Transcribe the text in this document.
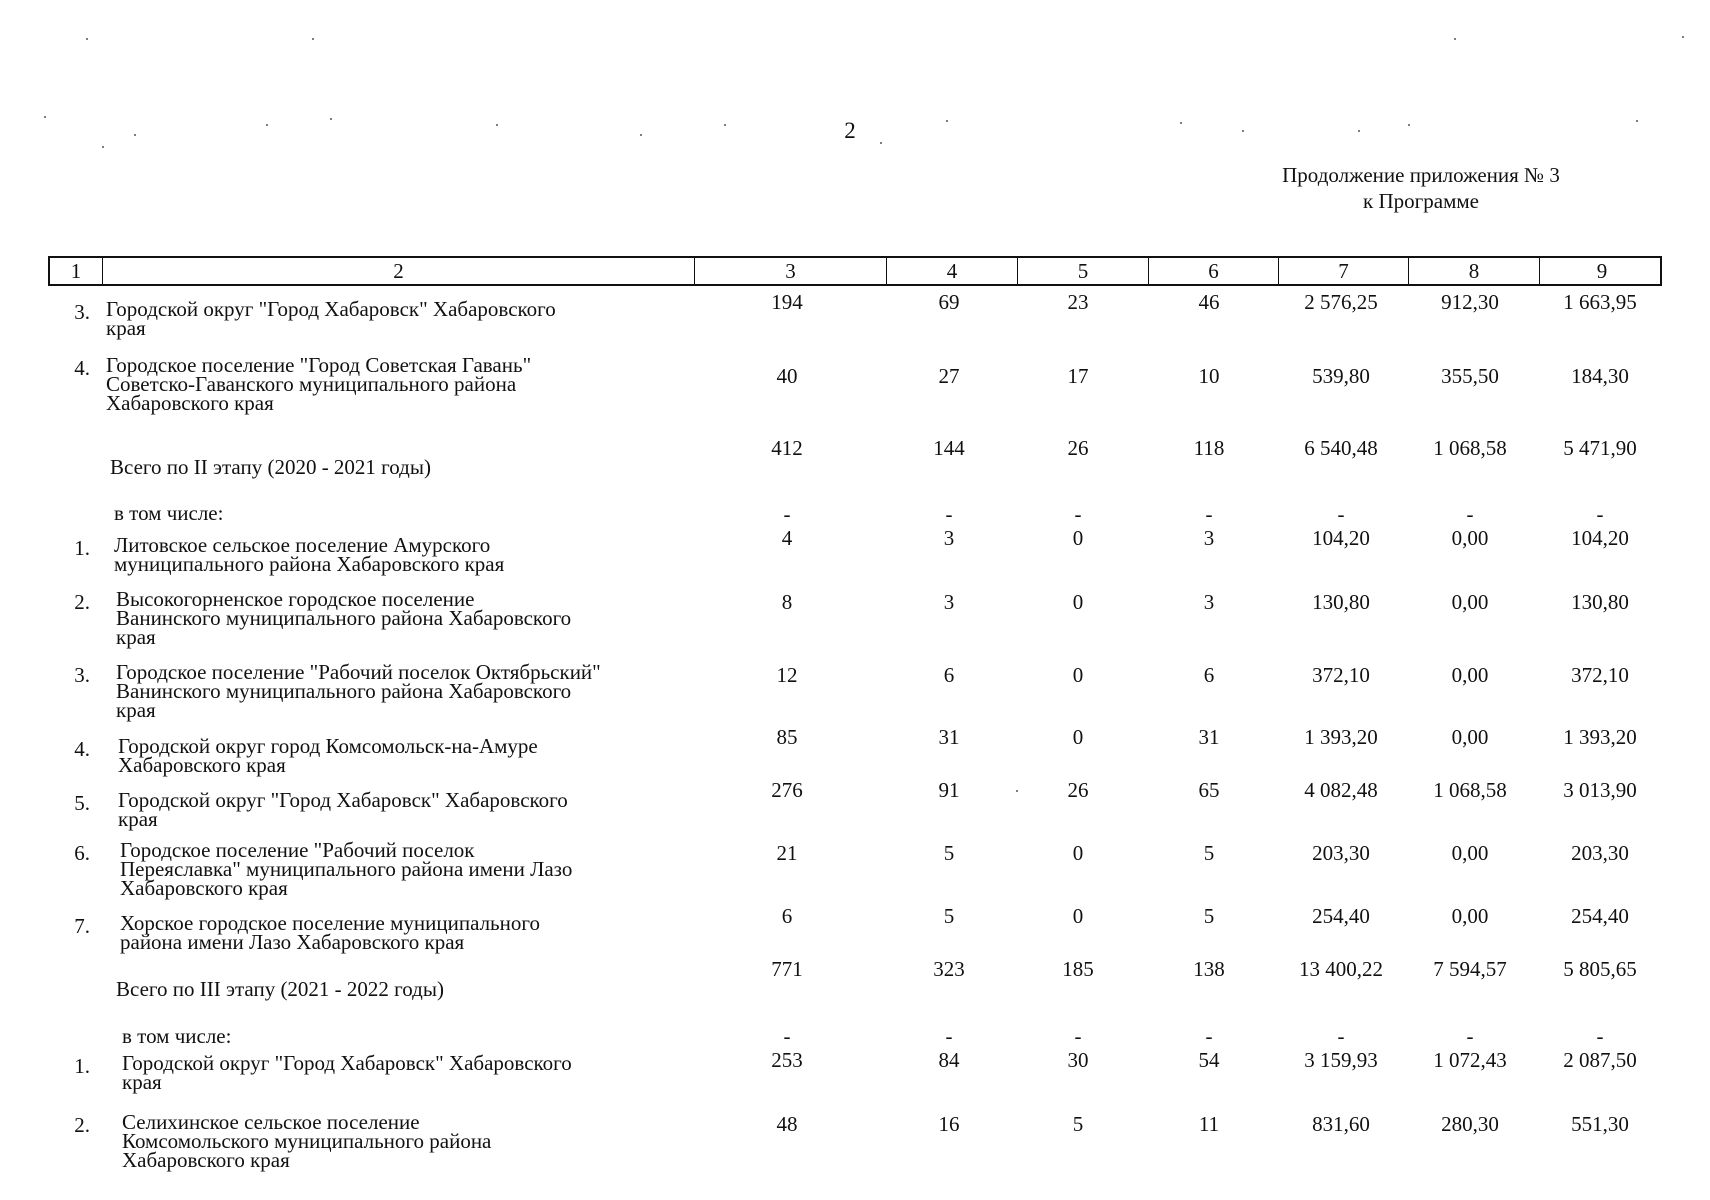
2
Продолжение приложения № 3
к Программе
1	2	3	4	5	6	7	8	9
3. Городской округ "Город Хабаровск" Хабаровского
края
194	69	23	46	2 576,25	912,30	1 663,95
4. Городское поселение "Город Советская Гавань"
Советско-Гаванского муниципального района
Хабаровского края
40	27	17	10	539,80	355,50	184,30
Всего по II этапу (2020 - 2021 годы)
412	144	26	118	6 540,48	1 068,58	5 471,90
в том числе:	-	-	-	-	-	-	-
1. Литовское сельское поселение Амурского
муниципального района Хабаровского края
4	3	0	3	104,20	0,00	104,20
2. Высокогорненское городское поселение
Ванинского муниципального района Хабаровского
края
8	3	0	3	130,80	0,00	130,80
3. Городское поселение "Рабочий поселок Октябрьский"
Ванинского муниципального района Хабаровского
края
12	6	0	6	372,10	0,00	372,10
4. Городской округ город Комсомольск-на-Амуре
Хабаровского края
85	31	0	31	1 393,20	0,00	1 393,20
5. Городской округ "Город Хабаровск" Хабаровского
края
276	91	26	65	4 082,48	1 068,58	3 013,90
6. Городское поселение "Рабочий поселок
Переяславка" муниципального района имени Лазо
Хабаровского края
21	5	0	5	203,30	0,00	203,30
7. Хорское городское поселение муниципального
района имени Лазо Хабаровского края
6	5	0	5	254,40	0,00	254,40
Всего по III этапу (2021 - 2022 годы)
771	323	185	138	13 400,22	7 594,57	5 805,65
в том числе:	-	-	-	-	-	-	-
1. Городской округ "Город Хабаровск" Хабаровского
края
253	84	30	54	3 159,93	1 072,43	2 087,50
2. Селихинское сельское поселение
Комсомольского муниципального района
Хабаровского края
48	16	5	11	831,60	280,30	551,30
